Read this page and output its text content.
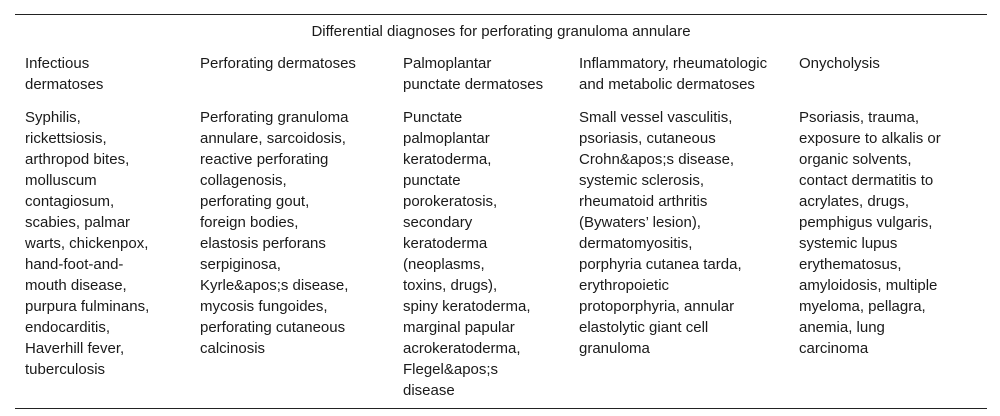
Differential diagnoses for perforating granuloma annulare
Infectious
dermatoses
Perforating dermatoses	Palmoplantar
punctate dermatoses
Inflammatory, rheumatologic
and metabolic dermatoses
Onycholysis
Syphilis,
rickettsiosis,
arthropod bites,
molluscum
contagiosum,
scabies, palmar
warts, chickenpox,
hand-foot-and-
mouth disease,
purpura fulminans,
endocarditis,
Haverhill fever,
tuberculosis
Perforating granuloma
annulare, sarcoidosis,
reactive perforating
collagenosis,
perforating gout,
foreign bodies,
elastosis perforans
serpiginosa,
Kyrle&apos;s disease,
mycosis fungoides,
perforating cutaneous
calcinosis
Punctate
palmoplantar
keratoderma,
punctate
porokeratosis,
secondary
keratoderma
(neoplasms,
toxins, drugs),
spiny keratoderma,
marginal papular
acrokeratoderma,
Flegel&apos;s
disease
Small vessel vasculitis,
psoriasis, cutaneous
Crohn&apos;s disease,
systemic sclerosis,
rheumatoid arthritis
(Bywaters’ lesion),
dermatomyositis,
porphyria cutanea tarda,
erythropoietic
protoporphyria, annular
elastolytic giant cell
granuloma
Psoriasis, trauma,
exposure to alkalis or
organic solvents,
contact dermatitis to
acrylates, drugs,
pemphigus vulgaris,
systemic lupus
erythematosus,
amyloidosis, multiple
myeloma, pellagra,
anemia, lung
carcinoma
